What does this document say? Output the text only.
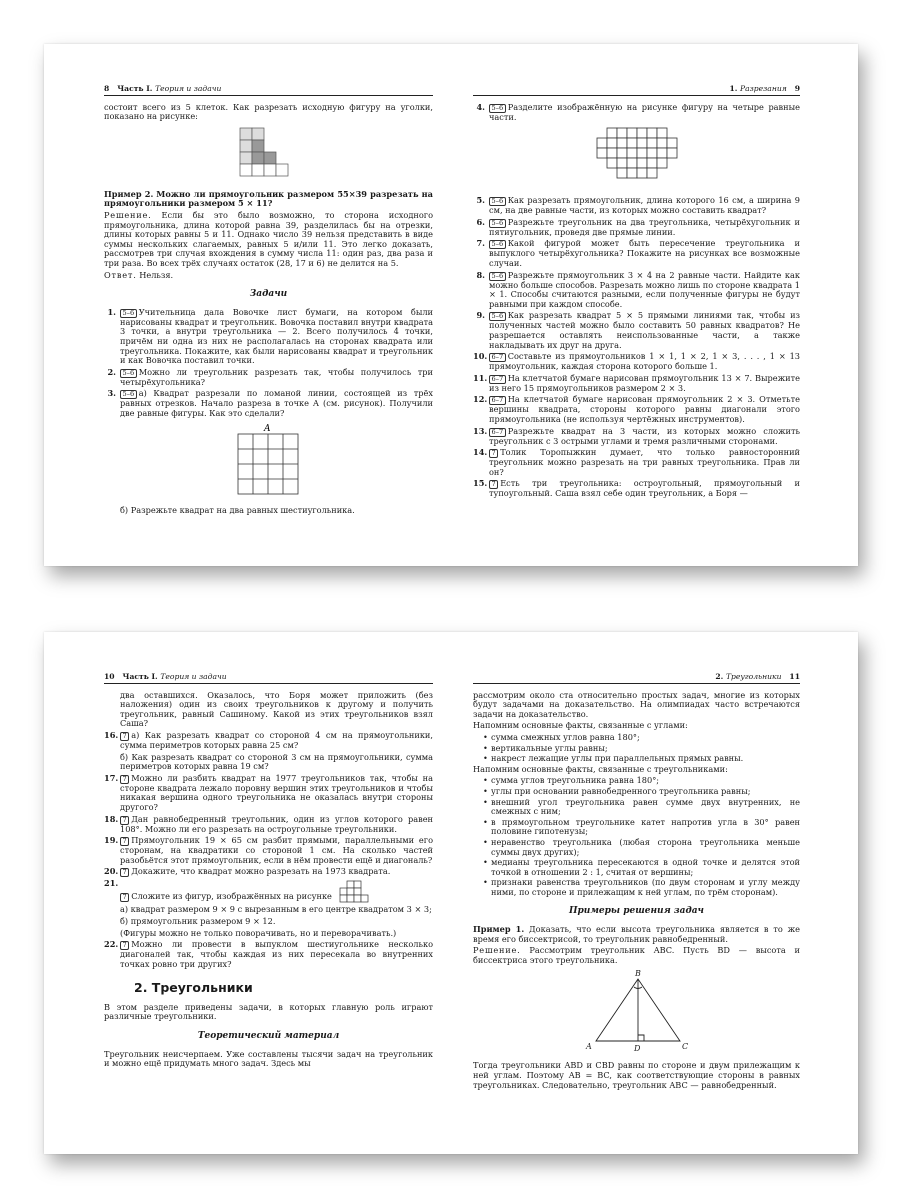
8 Часть I. Теория и задачи

состоит всего из 5 клеток. Как разрезать исходную фигуру на уголки, показано на рисунке:

Пример 2. Можно ли прямоугольник размером 55×39 разрезать на прямоугольники размером 5 × 11?

Решение. Если бы это было возможно, то сторона исходного прямоугольника, длина которой равна 39, разделилась бы на отрезки, длины которых равны 5 и 11. Однако число 39 нельзя представить в виде суммы нескольких слагаемых, равных 5 и/или 11. Это легко доказать, рассмотрев три случая вхождения в сумму числа 11: один раз, два раза и три раза. Во всех трёх случаях остаток (28, 17 и 6) не делится на 5.

Ответ. Нельзя.

Задачи
1. 5–6 Учительница дала Вовочке лист бумаги, на котором были нарисованы квадрат и треугольник. Вовочка поставил внутри квадрата 3 точки, а внутри треугольника — 2. Всего получилось 4 точки, причём ни одна из них не располагалась на сторонах квадрата или треугольника. Покажите, как были нарисованы квадрат и треугольник и как Вовочка поставил точки.
2. 5–6 Можно ли треугольник разрезать так, чтобы получилось три четырёхугольника?
3. 5–6 а) Квадрат разрезали по ломаной линии, состоящей из трёх равных отрезков. Начало разреза в точке A (см. рисунок). Получили две равные фигуры. Как это сделали?
A

б) Разрежьте квадрат на два равных шестиугольника.

1. Разрезания 9
4. 5–6 Разделите изображённую на рисунке фигуру на четыре равные части.
5. 5–6 Как разрезать прямоугольник, длина которого 16 см, а ширина 9 см, на две равные части, из которых можно составить квадрат?
6. 5–6 Разрежьте треугольник на два треугольника, четырёхугольник и пятиугольник, проведя две прямые линии.
7. 5–6 Какой фигурой может быть пересечение треугольника и выпуклого четырёхугольника? Покажите на рисунках все возможные случаи.
8. 5–6 Разрежьте прямоугольник 3 × 4 на 2 равные части. Найдите как можно больше способов. Разрезать можно лишь по стороне квадрата 1 × 1. Способы считаются разными, если полученные фигуры не будут равными при каждом способе.
9. 5–6 Как разрезать квадрат 5 × 5 прямыми линиями так, чтобы из полученных частей можно было составить 50 равных квадратов? Не разрешается оставлять неиспользованные части, а также накладывать их друг на друга.
10. 6–7 Составьте из прямоугольников 1 × 1, 1 × 2, 1 × 3, . . . , 1 × 13 прямоугольник, каждая сторона которого больше 1.
11. 6–7 На клетчатой бумаге нарисован прямоугольник 13 × 7. Вырежите из него 15 прямоугольников размером 2 × 3.
12. 6–7 На клетчатой бумаге нарисован прямоугольник 2 × 3. Отметьте вершины квадрата, стороны которого равны диагонали этого прямоугольника (не используя чертёжных инструментов).
13. 6–7 Разрежьте квадрат на 3 части, из которых можно сложить треугольник с 3 острыми углами и тремя различными сторонами.
14. 7 Толик Торопыжкин думает, что только равносторонний треугольник можно разрезать на три равных треугольника. Прав ли он?
15. 7 Есть три треугольника: остроугольный, прямоугольный и тупоугольный. Саша взял себе один треугольник, а Боря —
10 Часть I. Теория и задачи

два оставшихся. Оказалось, что Боря может приложить (без наложения) один из своих треугольников к другому и получить треугольник, равный Сашиному. Какой из этих треугольников взял Саша?

16. 7 а) Как разрезать квадрат со стороной 4 см на прямоугольники, сумма периметров которых равна 25 см?
б) Как разрезать квадрат со стороной 3 см на прямоугольники, сумма периметров которых равна 19 см?
17. 7 Можно ли разбить квадрат на 1977 треугольников так, чтобы на стороне квадрата лежало поровну вершин этих треугольников и чтобы никакая вершина одного треугольника не оказалась внутри стороны другого?
18. 7 Дан равнобедренный треугольник, один из углов которого равен 108°. Можно ли его разрезать на остроугольные треугольники.
19. 7 Прямоугольник 19 × 65 см разбит прямыми, параллельными его сторонам, на квадратики со стороной 1 см. На сколько частей разобьётся этот прямоугольник, если в нём провести ещё и диагональ?
20. 7 Докажите, что квадрат можно разрезать на 1973 квадрата.
21.
7 Сложите из фигур, изображённых на рисунке

а) квадрат размером 9 × 9 с вырезанным в его центре квадратом 3 × 3;

б) прямоугольник размером 9 × 12.

(Фигуры можно не только поворачивать, но и переворачивать.)

22. 7 Можно ли провести в выпуклом шестиугольнике несколько диагоналей так, чтобы каждая из них пересекала во внутренних точках ровно три других?
2. Треугольники

В этом разделе приведены задачи, в которых главную роль играют различные треугольники.

Теоретический материал

Треугольник неисчерпаем. Уже составлены тысячи задач на треугольник и можно ещё придумать много задач. Здесь мы

2. Треугольники 11

рассмотрим около ста относительно простых задач, многие из которых будут задачами на доказательство. На олимпиадах часто встречаются задачи на доказательство.

Напомним основные факты, связанные с углами:

• сумма смежных углов равна 180°;
• вертикальные углы равны;
• накрест лежащие углы при параллельных прямых равны.

Напомним основные факты, связанные с треугольниками:

• сумма углов треугольника равна 180°;
• углы при основании равнобедренного треугольника равны;
• внешний угол треугольника равен сумме двух внутренних, не смежных с ним;
• в прямоугольном треугольнике катет напротив угла в 30° равен половине гипотенузы;
• неравенство треугольника (любая сторона треугольника меньше суммы двух других);
• медианы треугольника пересекаются в одной точке и делятся этой точкой в отношении 2 : 1, считая от вершины;
• признаки равенства треугольников (по двум сторонам и углу между ними, по стороне и прилежащим к ней углам, по трём сторонам).
Примеры решения задач

Пример 1. Доказать, что если высота треугольника является в то же время его биссектрисой, то треугольник равнобедренный.

Решение. Рассмотрим треугольник ABC. Пусть BD — высота и биссектриса этого треугольника.

B
A	D	C

Тогда треугольники ABD и CBD равны по стороне и двум прилежащим к ней углам. Поэтому AB = BC, как соответствующие стороны в равных треугольниках. Следовательно, треугольник ABC — равнобедренный.
